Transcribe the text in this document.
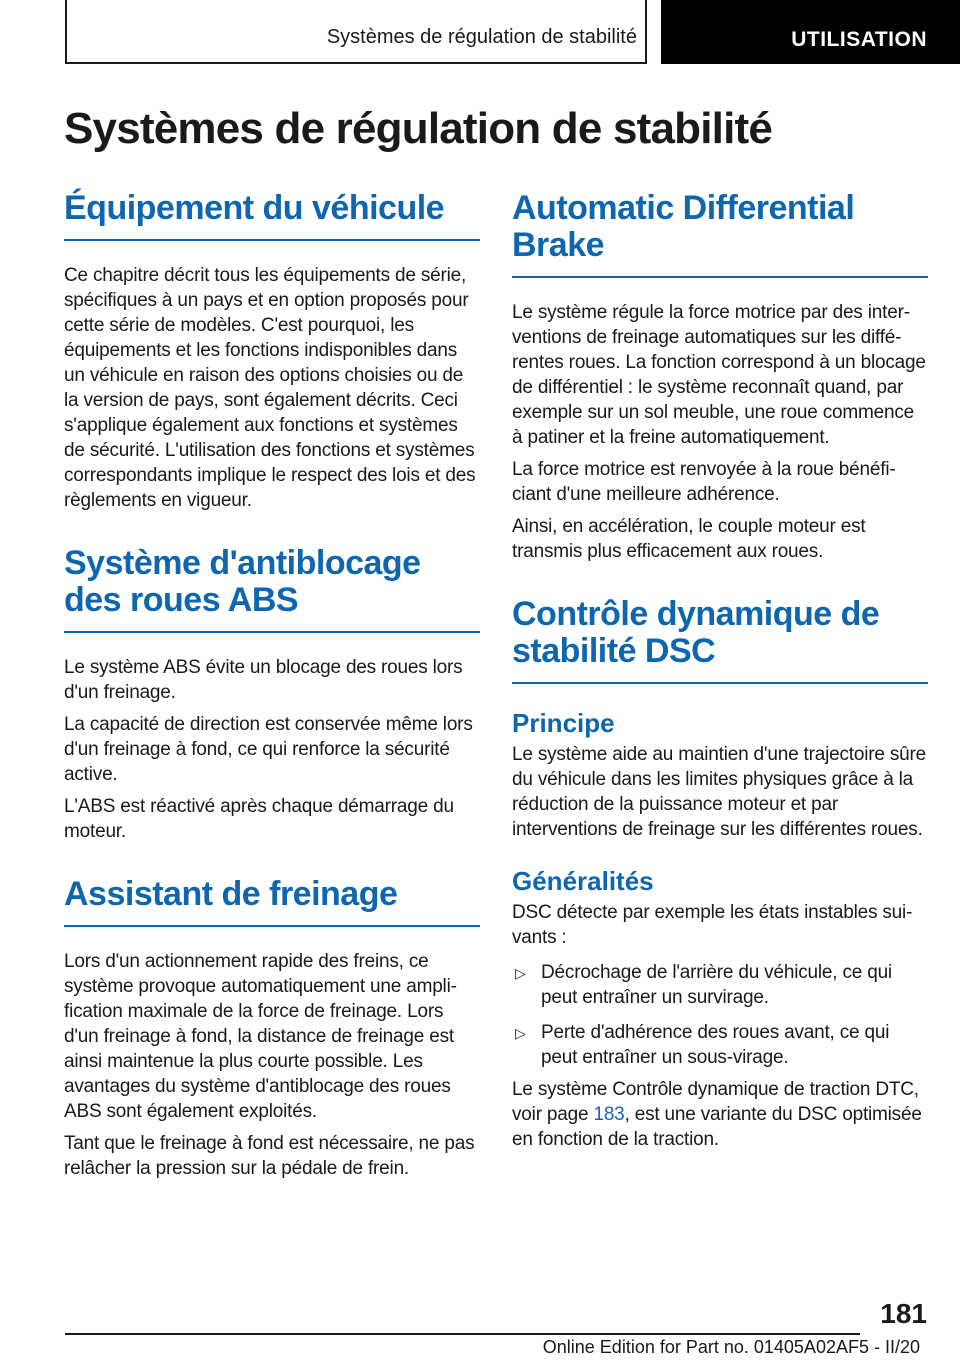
Systèmes de régulation de stabilité	UTILISATION
Systèmes de régulation de stabilité
Équipement du véhicule

Ce chapitre décrit tous les équipements de série, spécifiques à un pays et en option proposés pour cette série de modèles. C'est pourquoi, les équipements et les fonctions indisponibles dans un véhicule en raison des options choisies ou de la version de pays, sont également décrits. Ceci s'applique également aux fonctions et systèmes de sécurité. L'utilisation des fonctions et systèmes correspondants implique le respect des lois et des règlements en vigueur.

Système d'antiblocage des roues ABS

Le système ABS évite un blocage des roues lors d'un freinage.

La capacité de direction est conservée même lors d'un freinage à fond, ce qui renforce la sécurité active.

L'ABS est réactivé après chaque démarrage du moteur.

Assistant de freinage

Lors d'un actionnement rapide des freins, ce système provoque automatiquement une amplification maximale de la force de freinage. Lors d'un freinage à fond, la distance de freinage est ainsi maintenue la plus courte possible. Les avantages du système d'antiblocage des roues ABS sont également exploités.

Tant que le freinage à fond est nécessaire, ne pas relâcher la pression sur la pédale de frein.

Automatic Differential Brake

Le système régule la force motrice par des interventions de freinage automatiques sur les différentes roues. La fonction correspond à un blocage de différentiel : le système reconnaît quand, par exemple sur un sol meuble, une roue commence à patiner et la freine automatiquement.

La force motrice est renvoyée à la roue bénéficiant d'une meilleure adhérence.

Ainsi, en accélération, le couple moteur est transmis plus efficacement aux roues.

Contrôle dynamique de stabilité DSC
Principe

Le système aide au maintien d'une trajectoire sûre du véhicule dans les limites physiques grâce à la réduction de la puissance moteur et par interventions de freinage sur les différentes roues.

Généralités

DSC détecte par exemple les états instables suivants :

▷ Décrochage de l'arrière du véhicule, ce qui peut entraîner un survirage.
▷ Perte d'adhérence des roues avant, ce qui peut entraîner un sous-virage.

Le système Contrôle dynamique de traction DTC, voir page 183, est une variante du DSC optimisée en fonction de la traction.

181
Online Edition for Part no. 01405A02AF5 - II/20
